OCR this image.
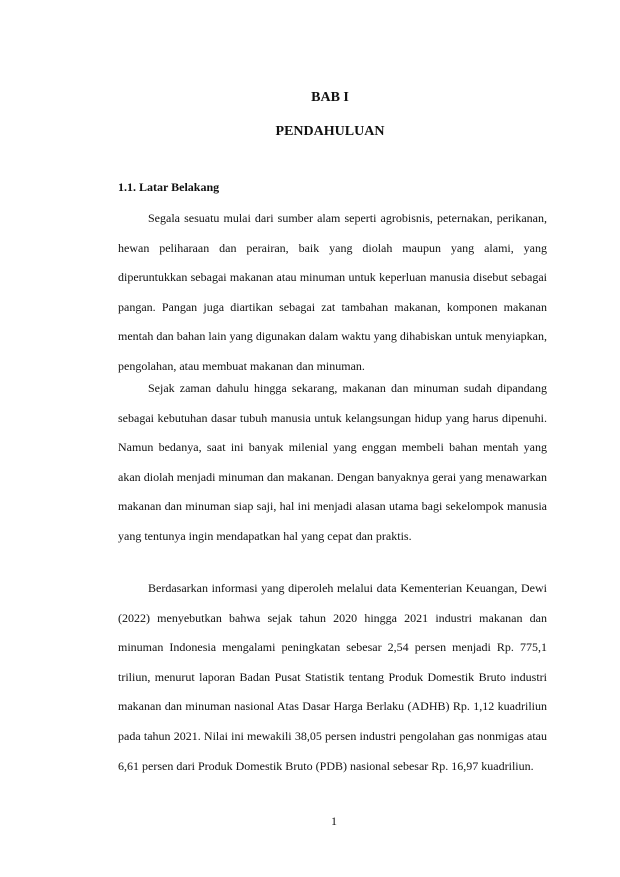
BAB I
PENDAHULUAN
1.1. Latar Belakang

Segala sesuatu mulai dari sumber alam seperti agrobisnis, peternakan, perikanan, hewan peliharaan dan perairan, baik yang diolah maupun yang alami, yang diperuntukkan sebagai makanan atau minuman untuk keperluan manusia disebut sebagai pangan. Pangan juga diartikan sebagai zat tambahan makanan, komponen makanan mentah dan bahan lain yang digunakan dalam waktu yang dihabiskan untuk menyiapkan, pengolahan, atau membuat makanan dan minuman.

Sejak zaman dahulu hingga sekarang, makanan dan minuman sudah dipandang sebagai kebutuhan dasar tubuh manusia untuk kelangsungan hidup yang harus dipenuhi. Namun bedanya, saat ini banyak milenial yang enggan membeli bahan mentah yang akan diolah menjadi minuman dan makanan. Dengan banyaknya gerai yang menawarkan makanan dan minuman siap saji, hal ini menjadi alasan utama bagi sekelompok manusia yang tentunya ingin mendapatkan hal yang cepat dan praktis.

Berdasarkan informasi yang diperoleh melalui data Kementerian Keuangan, Dewi (2022) menyebutkan bahwa sejak tahun 2020 hingga 2021 industri makanan dan minuman Indonesia mengalami peningkatan sebesar 2,54 persen menjadi Rp. 775,1 triliun, menurut laporan Badan Pusat Statistik tentang Produk Domestik Bruto industri makanan dan minuman nasional Atas Dasar Harga Berlaku (ADHB) Rp. 1,12 kuadriliun pada tahun 2021. Nilai ini mewakili 38,05 persen industri pengolahan gas nonmigas atau 6,61 persen dari Produk Domestik Bruto (PDB) nasional sebesar Rp. 16,97 kuadriliun.

1
